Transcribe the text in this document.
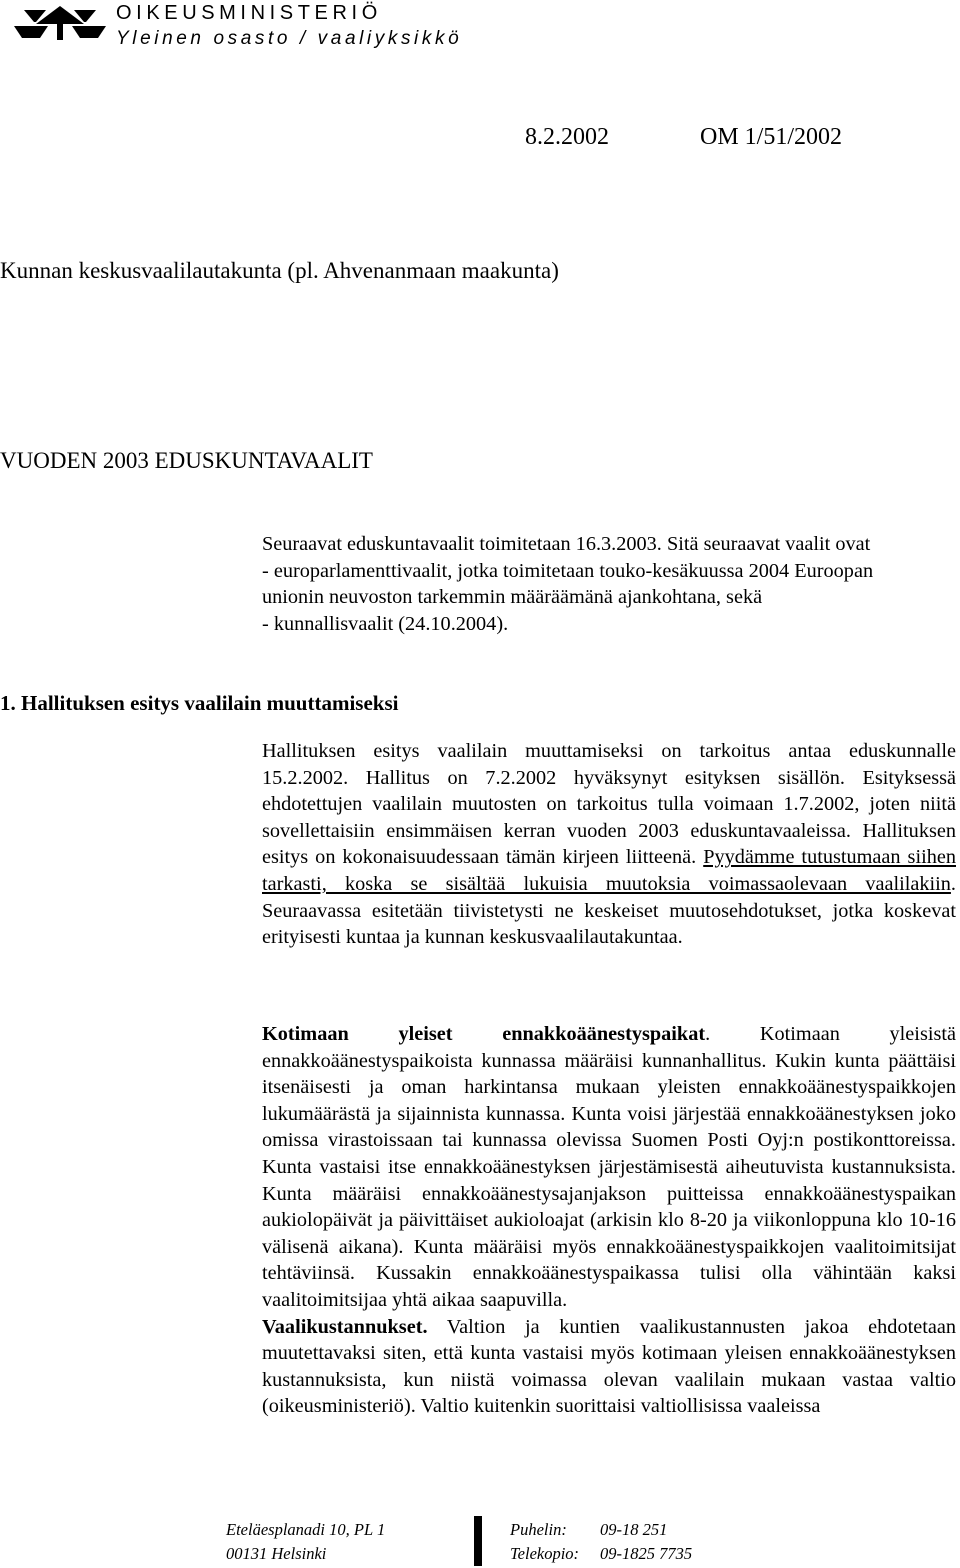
OIKEUSMINISTERIÖ
Yleinen osasto / vaaliyksikkö
8.2.2002	OM 1/51/2002
Kunnan keskusvaalilautakunta (pl. Ahvenanmaan maakunta)
VUODEN 2003 EDUSKUNTAVAALIT
Seuraavat eduskuntavaalit toimitetaan 16.3.2003. Sitä seuraavat vaalit ovat
- europarlamenttivaalit, jotka toimitetaan touko-kesäkuussa 2004 Euroopan
unionin neuvoston tarkemmin määräämänä ajankohtana, sekä
- kunnallisvaalit (24.10.2004).
1. Hallituksen esitys vaalilain muuttamiseksi

Hallituksen esitys vaalilain muuttamiseksi on tarkoitus antaa eduskunnalle 15.2.2002. Hallitus on 7.2.2002 hyväksynyt esityksen sisällön. Esityksessä ehdotettujen vaalilain muutosten on tarkoitus tulla voimaan 1.7.2002, joten niitä sovellettaisiin ensimmäisen kerran vuoden 2003 eduskuntavaaleissa. Hallituksen esitys on kokonaisuudessaan tämän kirjeen liitteenä. Pyydämme tutustumaan siihen tarkasti, koska se sisältää lukuisia muutoksia voimassaolevaan vaalilakiin. Seuraavassa esitetään tiivistetysti ne keskeiset muutosehdotukset, jotka koskevat erityisesti kuntaa ja kunnan keskusvaalilautakuntaa.

Kotimaan yleiset ennakkoäänestyspaikat. Kotimaan yleisistä ennakkoäänestyspaikoista kunnassa määräisi kunnanhallitus. Kukin kunta päättäisi itsenäisesti ja oman harkintansa mukaan yleisten ennakkoäänestyspaikkojen lukumäärästä ja sijainnista kunnassa. Kunta voisi järjestää ennakkoäänestyksen joko omissa virastoissaan tai kunnassa olevissa Suomen Posti Oyj:n postikonttoreissa. Kunta vastaisi itse ennakkoäänestyksen järjestämisestä aiheutuvista kustannuksista. Kunta määräisi ennakkoäänestysajanjakson puitteissa ennakkoäänestyspaikan aukiolopäivät ja päivittäiset aukioloajat (arkisin klo 8-20 ja viikonloppuna klo 10-16 välisenä aikana). Kunta määräisi myös ennakkoäänestyspaikkojen vaalitoimitsijat tehtäviinsä. Kussakin ennakkoäänestyspaikassa tulisi olla vähintään kaksi vaalitoimitsijaa yhtä aikaa saapuvilla.

Vaalikustannukset. Valtion ja kuntien vaalikustannusten jakoa ehdotetaan muutettavaksi siten, että kunta vastaisi myös kotimaan yleisen ennakkoäänestyksen kustannuksista, kun niistä voimassa olevan vaalilain mukaan vastaa valtio (oikeusministeriö). Valtio kuitenkin suorittaisi valtiollisissa vaaleissa

Eteläesplanadi 10, PL 1
00131 Helsinki
Puhelin:
Telekopio:
09-18 251
09-1825 7735
